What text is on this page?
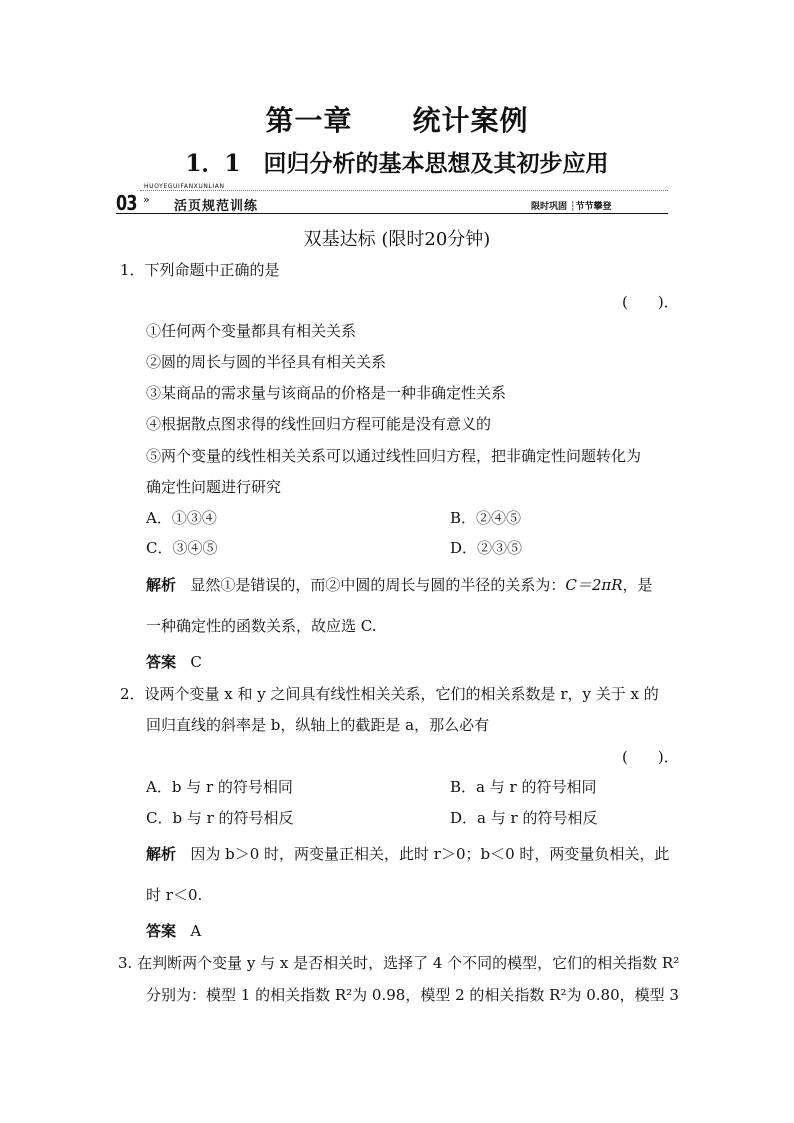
第一章 统计案例
1．1　回归分析的基本思想及其初步应用
03 »
HUOYEGUIFANXUNLIAN
活页规范训练	限时巩固 ┆节节攀登
双基达标 (限时20分钟)
1．下列命题中正确的是
(　　)．
①任何两个变量都具有相关关系
②圆的周长与圆的半径具有相关关系
③某商品的需求量与该商品的价格是一种非确定性关系
④根据散点图求得的线性回归方程可能是没有意义的
⑤两个变量的线性相关关系可以通过线性回归方程，把非确定性问题转化为
确定性问题进行研究
A．①③④	B．②④⑤
C．③④⑤	D．②③⑤
解析 显然①是错误的，而②中圆的周长与圆的半径的关系为：C＝2πR，是
一种确定性的函数关系，故应选 C.
答案 C
2．设两个变量 x 和 y 之间具有线性相关关系，它们的相关系数是 r，y 关于 x 的
回归直线的斜率是 b，纵轴上的截距是 a，那么必有
(　　)．
A．b 与 r 的符号相同	B．a 与 r 的符号相同
C．b 与 r 的符号相反	D．a 与 r 的符号相反
解析 因为 b＞0 时，两变量正相关，此时 r＞0；b＜0 时，两变量负相关，此
时 r＜0.
答案 A
3. 在判断两个变量 y 与 x 是否相关时，选择了 4 个不同的模型，它们的相关指数 R²
分别为：模型 1 的相关指数 R²为 0.98，模型 2 的相关指数 R²为 0.80，模型 3
